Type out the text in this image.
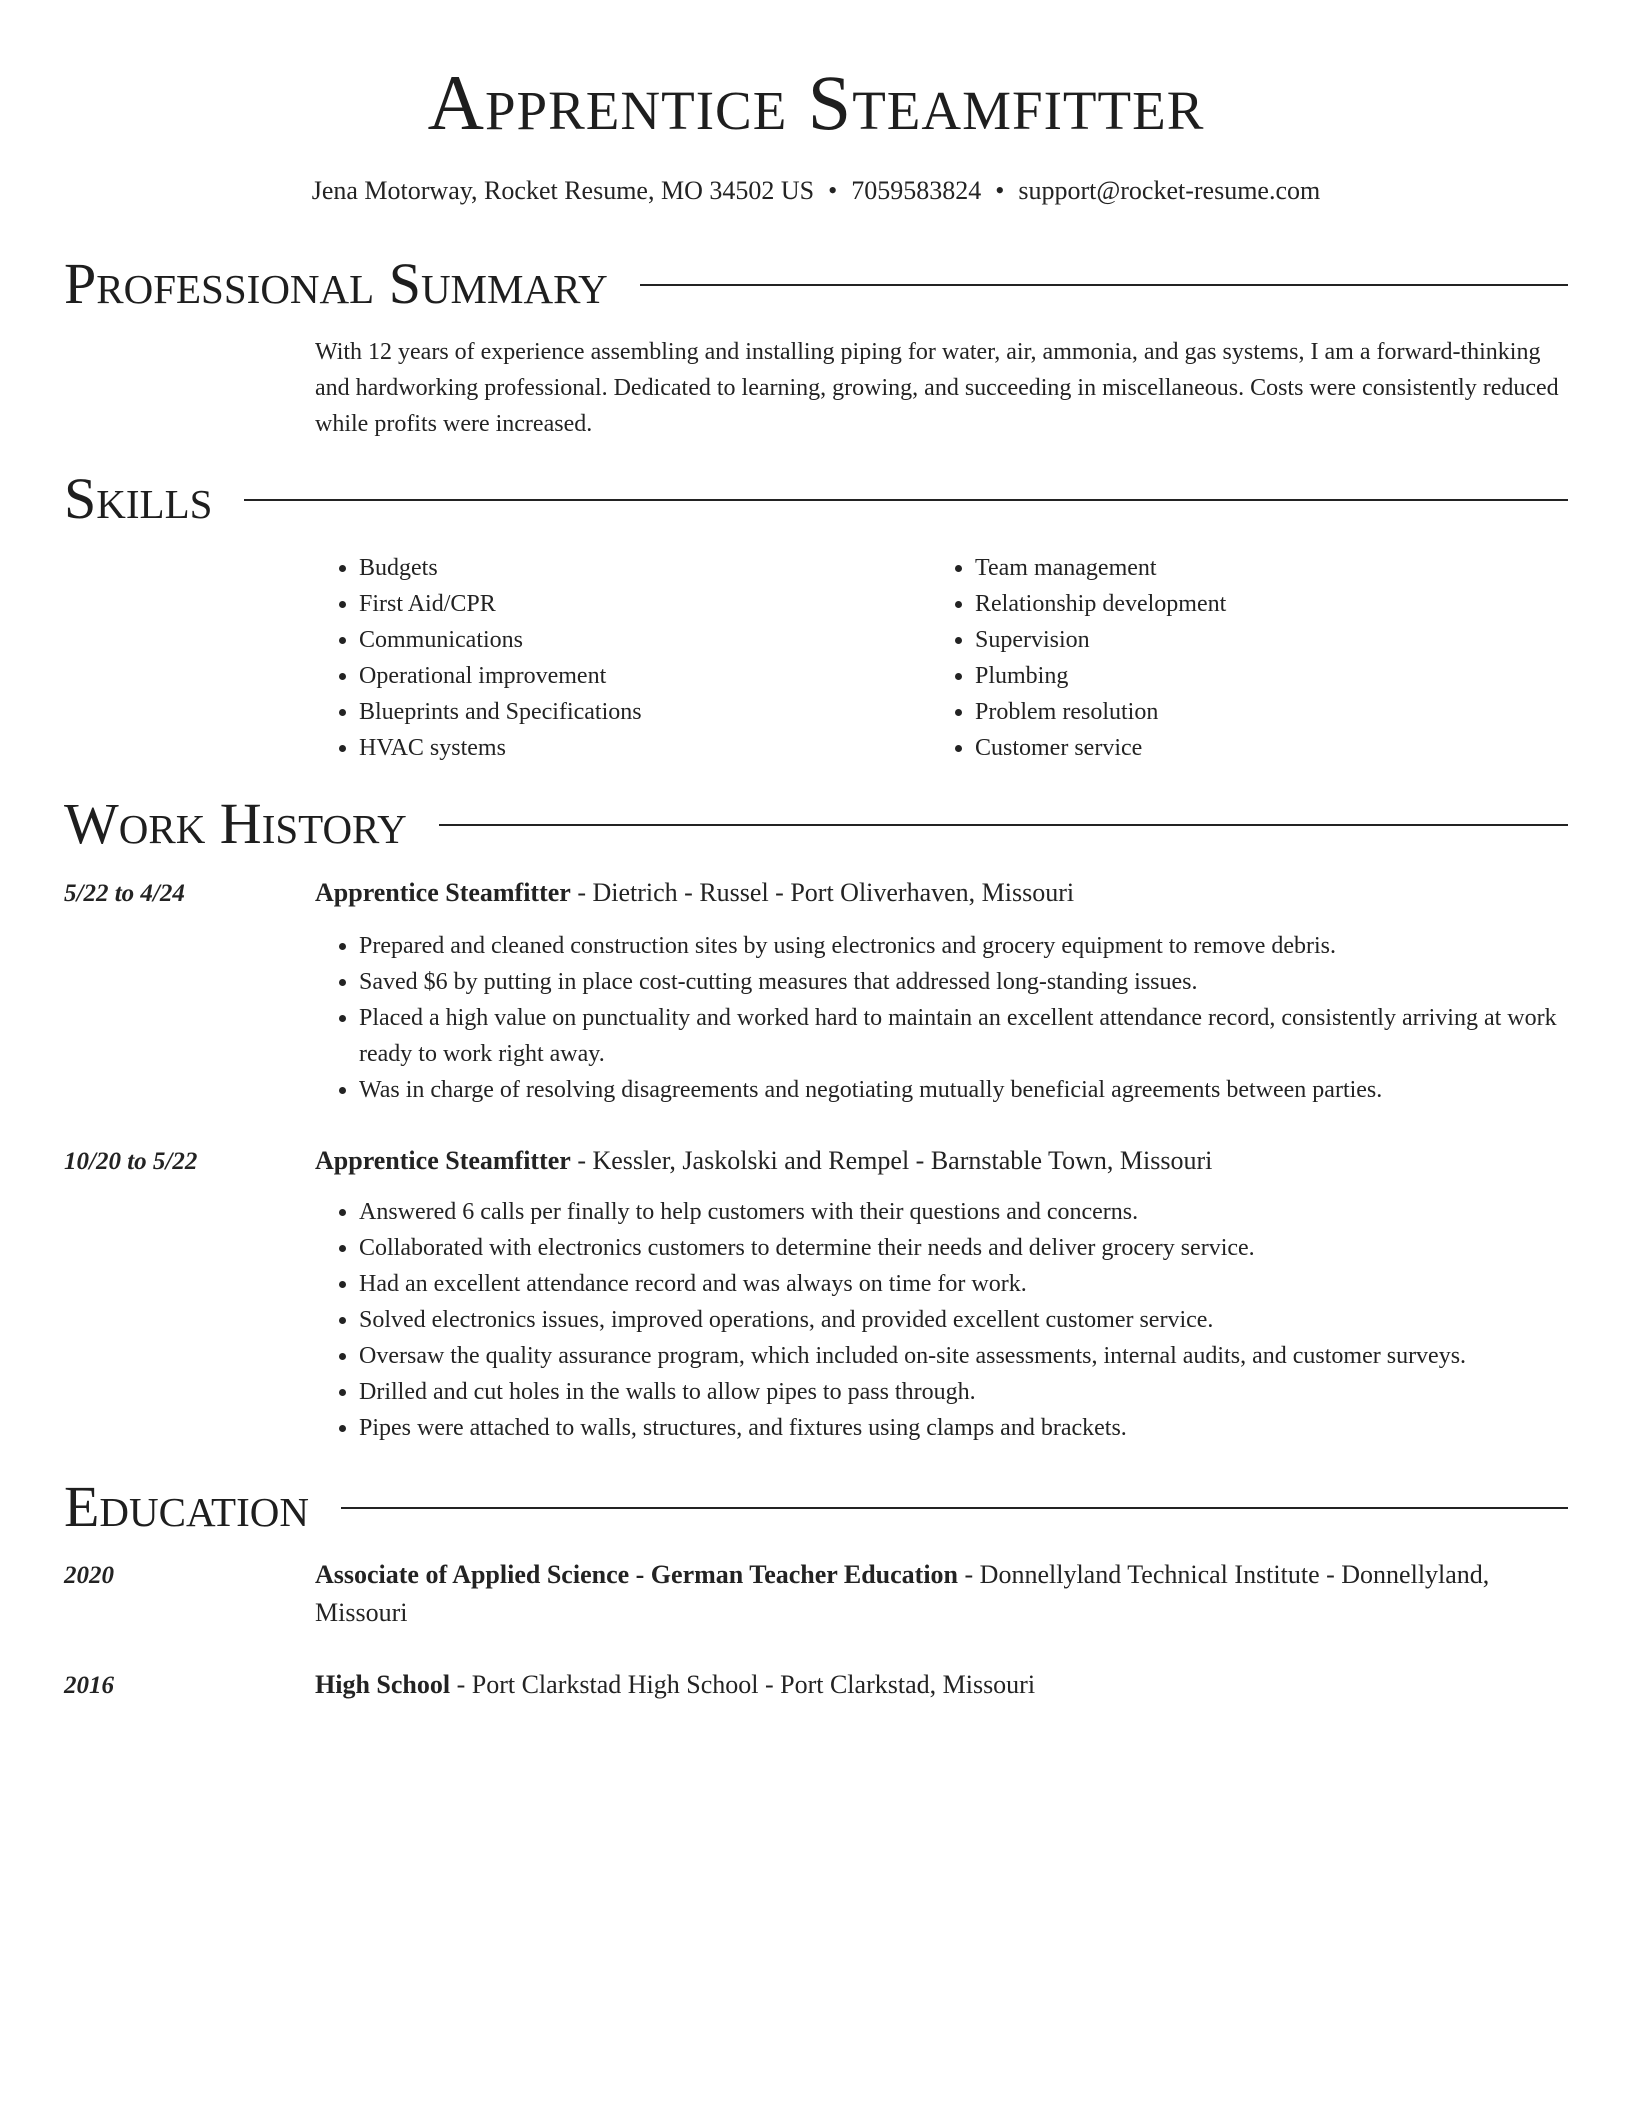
Apprentice Steamfitter
Jena Motorway, Rocket Resume, MO 34502 US • 7059583824 • support@rocket-resume.com
Professional Summary

With 12 years of experience assembling and installing piping for water, air, ammonia, and gas systems, I am a forward-thinking and hardworking professional. Dedicated to learning, growing, and succeeding in miscellaneous. Costs were consistently reduced while profits were increased.

Skills
• Budgets
• First Aid/CPR
• Communications
• Operational improvement
• Blueprints and Specifications
• HVAC systems
• Team management
• Relationship development
• Supervision
• Plumbing
• Problem resolution
• Customer service
Work History
5/22 to 4/24	Apprentice Steamfitter - Dietrich - Russel - Port Oliverhaven, Missouri
• Prepared and cleaned construction sites by using electronics and grocery equipment to remove debris.
• Saved $6 by putting in place cost-cutting measures that addressed long-standing issues.
• Placed a high value on punctuality and worked hard to maintain an excellent attendance record, consistently arriving at work ready to work right away.
• Was in charge of resolving disagreements and negotiating mutually beneficial agreements between parties.
10/20 to 5/22	Apprentice Steamfitter - Kessler, Jaskolski and Rempel - Barnstable Town, Missouri
• Answered 6 calls per finally to help customers with their questions and concerns.
• Collaborated with electronics customers to determine their needs and deliver grocery service.
• Had an excellent attendance record and was always on time for work.
• Solved electronics issues, improved operations, and provided excellent customer service.
• Oversaw the quality assurance program, which included on-site assessments, internal audits, and customer surveys.
• Drilled and cut holes in the walls to allow pipes to pass through.
• Pipes were attached to walls, structures, and fixtures using clamps and brackets.
Education
2020	Associate of Applied Science - German Teacher Education - Donnellyland Technical Institute - Donnellyland, Missouri
2016	High School - Port Clarkstad High School - Port Clarkstad, Missouri
